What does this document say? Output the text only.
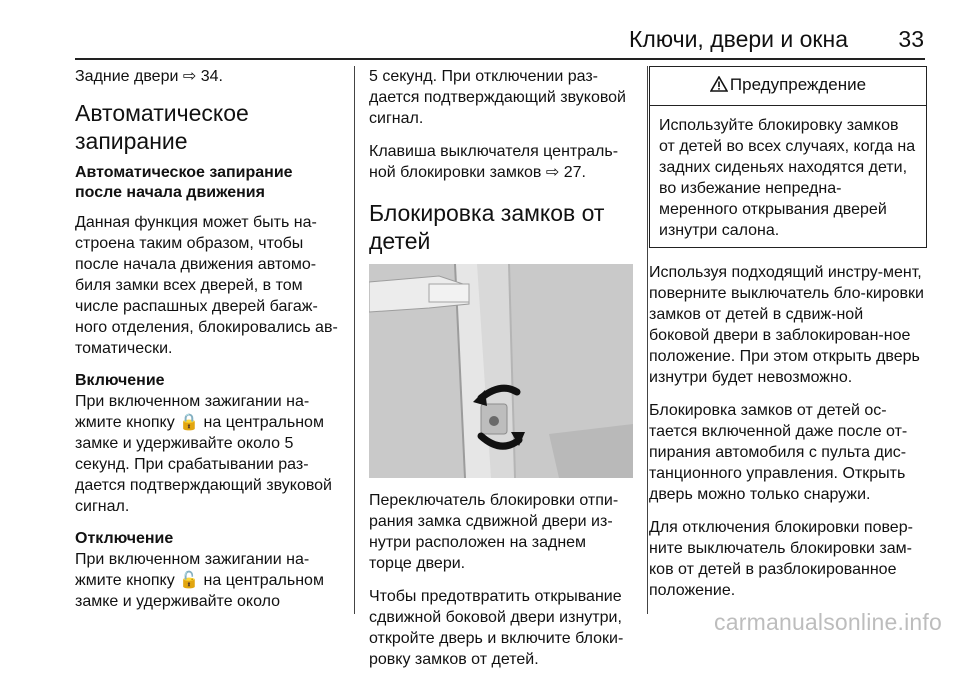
Ключи, двери и окна 33

Задние двери ⇨ 34.

Автоматическое
запирание
Автоматическое запирание после начала движения

Данная функция может быть на-строена таким образом, чтобы после начала движения автомо-биля замки всех дверей, в том числе распашных дверей багаж-ного отделения, блокировались ав-томатически.

Включение

При включенном зажигании на-жмите кнопку 🔒 на центральном замке и удерживайте около 5 секунд. При срабатывании раз-дается подтверждающий звуковой сигнал.

Отключение

При включенном зажигании на-жмите кнопку 🔓 на центральном замке и удерживайте около

5 секунд. При отключении раз-дается подтверждающий звуковой сигнал.

Клавиша выключателя централь-ной блокировки замков ⇨ 27.

Блокировка замков от
детей

Переключатель блокировки отпи-рания замка сдвижной двери из-нутри расположен на заднем торце двери.

Чтобы предотвратить открывание сдвижной боковой двери изнутри, откройте дверь и включите блоки-ровку замков от детей.

Предупреждение
Используйте блокировку замков от детей во всех случаях, когда на задних сиденьях находятся дети, во избежание непредна-меренного открывания дверей изнутри салона.

Используя подходящий инстру-мент, поверните выключатель бло-кировки замков от детей в сдвиж-ной боковой двери в заблокирован-ное положение. При этом открыть дверь изнутри будет невозможно.

Блокировка замков от детей ос-тается включенной даже после от-пирания автомобиля с пульта дис-танционного управления. Открыть дверь можно только снаружи.

Для отключения блокировки повер-ните выключатель блокировки зам-ков от детей в разблокированное положение.

carmanualsonline.info
